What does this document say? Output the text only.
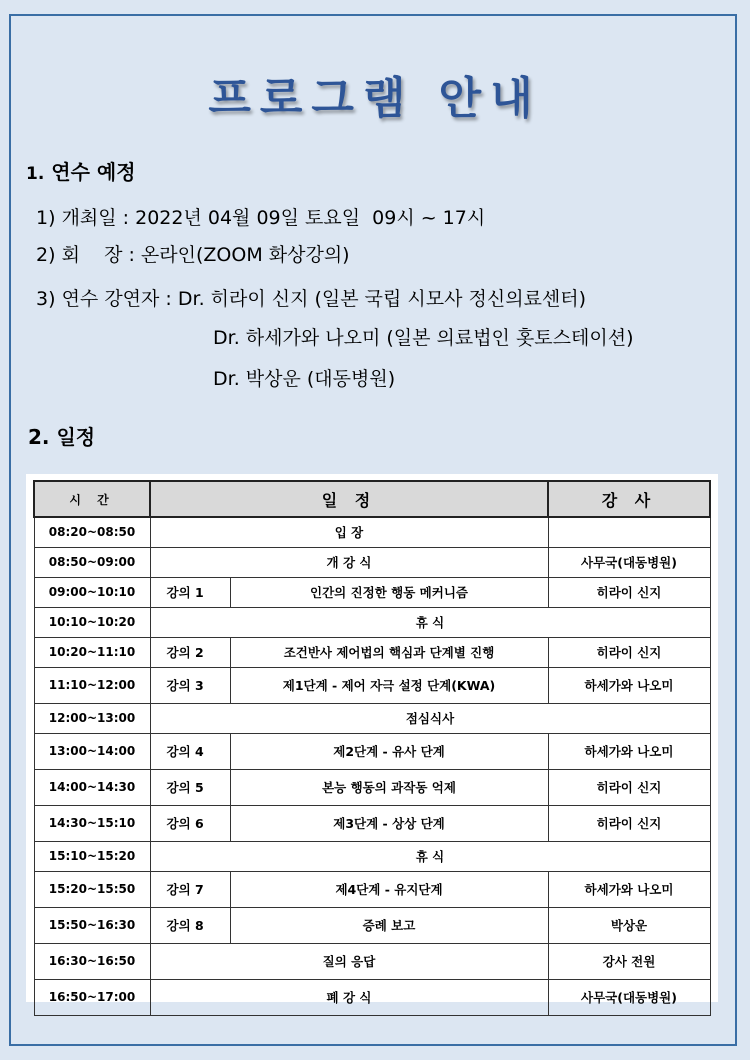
프로그램 안내
1. 연수 예정
1) 개최일 : 2022년 04월 09일 토요일  09시 ~ 17시
2) 회    장 : 온라인(ZOOM 화상강의)
3) 연수 강연자 : Dr. 히라이 신지 (일본 국립 시모사 정신의료센터)
Dr. 하세가와 나오미 (일본 의료법인 홋토스테이션)
Dr. 박상운 (대동병원)
2. 일정
시 간	일 정		강 사
08:20~08:50	입 장		
08:50~09:00	개 강 식		사무국(대동병원)
09:00~10:10	강의 1	인간의 진정한 행동 메커니즘	히라이 신지
10:10~10:20	휴 식		
10:20~11:10	강의 2	조건반사 제어법의 핵심과 단계별 진행	히라이 신지
11:10~12:00	강의 3	제1단계 - 제어 자극 설정 단계(KWA)	하세가와 나오미
12:00~13:00	점심식사		
13:00~14:00	강의 4	제2단계 - 유사 단계	하세가와 나오미
14:00~14:30	강의 5	본능 행동의 과작동 억제	히라이 신지
14:30~15:10	강의 6	제3단계 - 상상 단계	히라이 신지
15:10~15:20	휴 식		
15:20~15:50	강의 7	제4단계 - 유지단계	하세가와 나오미
15:50~16:30	강의 8	증례 보고	박상운
16:30~16:50	질의 응답		강사 전원
16:50~17:00	폐 강 식		사무국(대동병원)
